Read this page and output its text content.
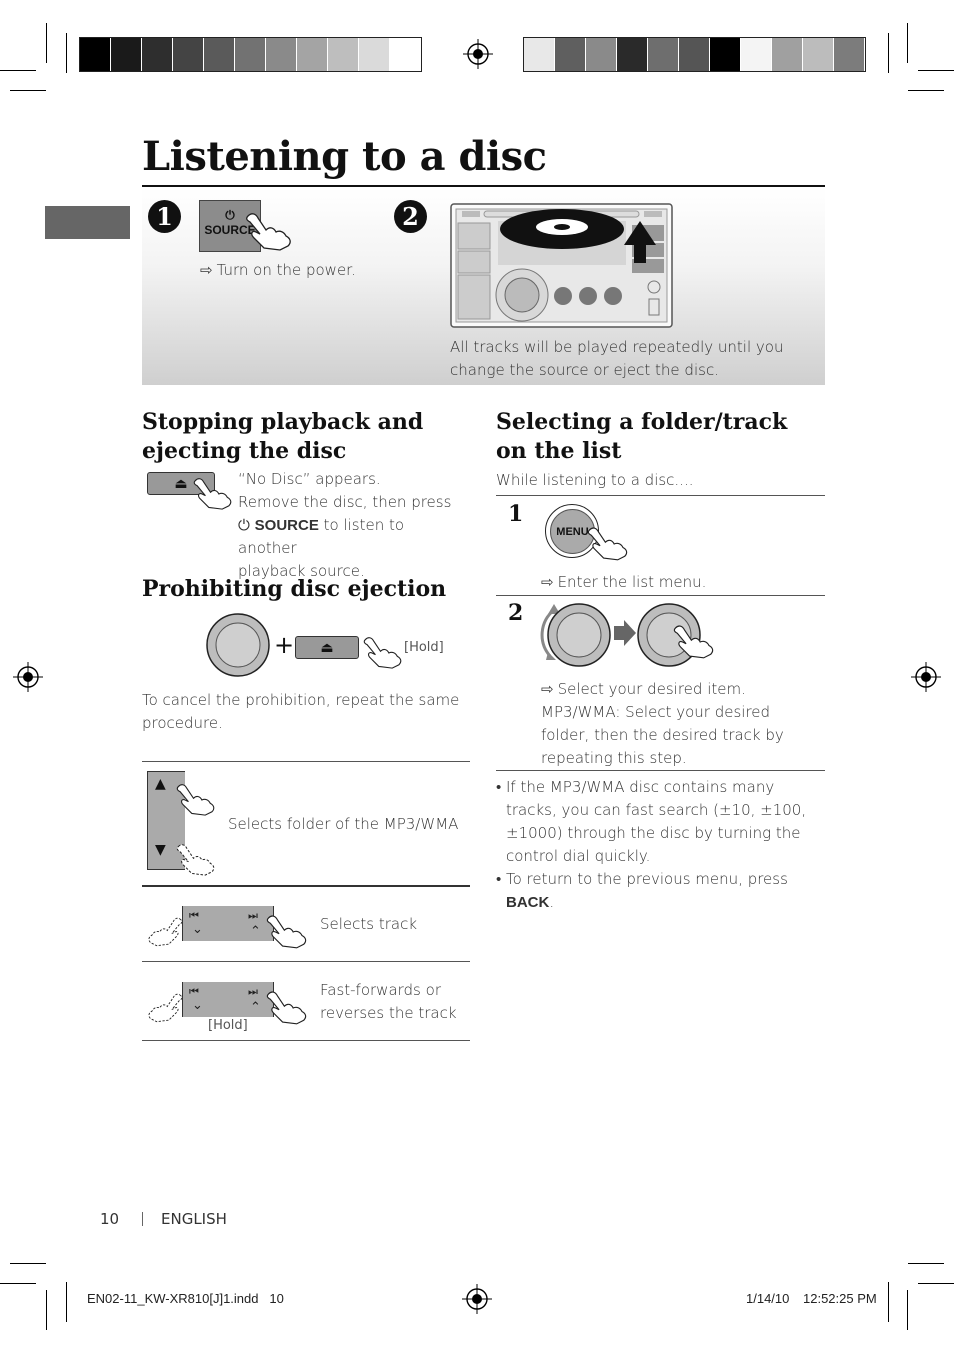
Listening to a disc
1	⏻
SOURCE
⇨ Turn on the power.
2
All tracks will be played repeatedly until you change the source or eject the disc.
Stopping playback and ejecting the disc
⏏	“No Disc” appears.
Remove the disc, then press
⏻ SOURCE to listen to another
playback source.
Prohibiting disc ejection
+ ⏏	[Hold]
To cancel the prohibition, repeat the same procedure.
▲
▼
Selects folder of the MP3/WMA
⏮	⏭
⌄	⌃	Selects track
⏮	⏭
⌄	⌃
[Hold]
Fast-forwards or reverses the track
Selecting a folder/track on the list
While listening to a disc....
1
MENU
⇨ Enter the list menu.
2
⇨ Select your desired item.
MP3/WMA: Select your desired folder, then the desired track by repeating this step.
• If the MP3/WMA disc contains many tracks, you can fast search (±10, ±100, ±1000) through the disc by turning the control dial quickly.
• To return to the previous menu, press BACK.
10	ENGLISH
EN02-11_KW-XR810[J]1.indd   10	1/14/10 12:52:25 PM
